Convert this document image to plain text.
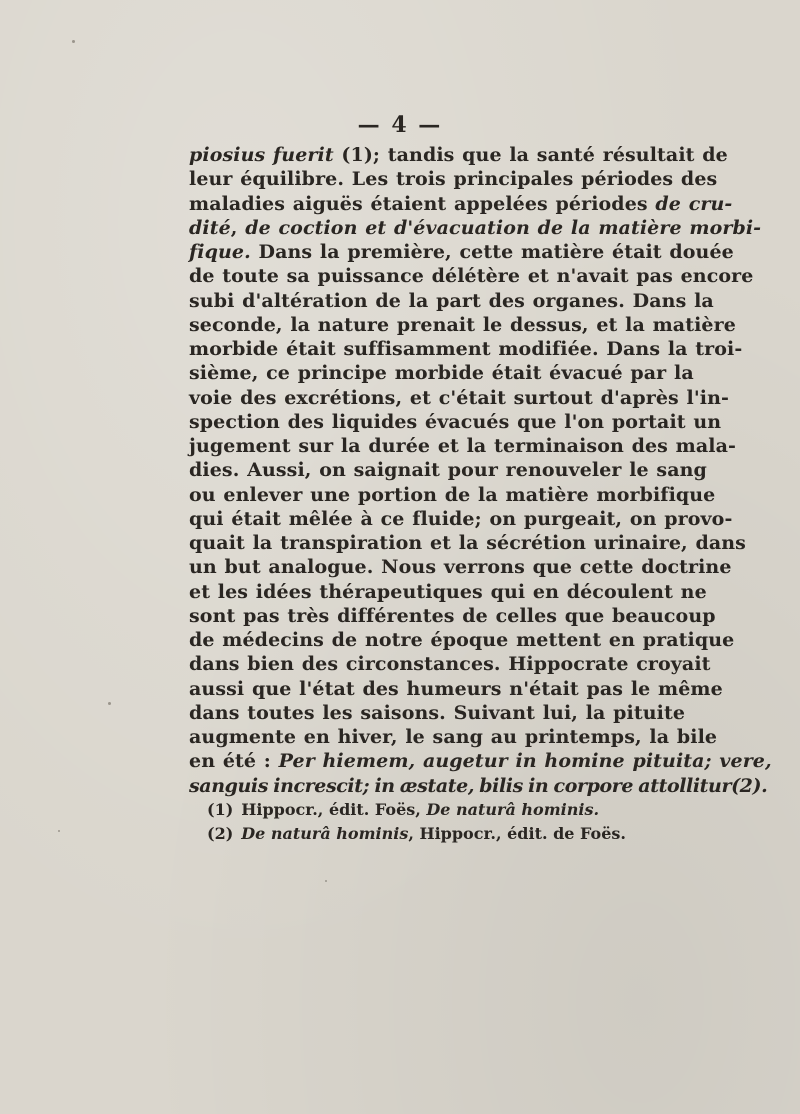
— 4 —
piosius fuerit (1); tandis que la santé résultait de
leur équilibre. Les trois principales périodes des
maladies aiguës étaient appelées périodes de cru-
dité, de coction et d'évacuation de la matière morbi-
fique. Dans la première, cette matière était douée
de toute sa puissance délétère et n'avait pas encore
subi d'altération de la part des organes. Dans la
seconde, la nature prenait le dessus, et la matière
morbide était suffisamment modifiée. Dans la troi-
sième, ce principe morbide était évacué par la
voie des excrétions, et c'était surtout d'après l'in-
spection des liquides évacués que l'on portait un
jugement sur la durée et la terminaison des mala-
dies. Aussi, on saignait pour renouveler le sang
ou enlever une portion de la matière morbifique
qui était mêlée à ce fluide; on purgeait, on provo-
quait la transpiration et la sécrétion urinaire, dans
un but analogue. Nous verrons que cette doctrine
et les idées thérapeutiques qui en découlent ne
sont pas très différentes de celles que beaucoup
de médecins de notre époque mettent en pratique
dans bien des circonstances. Hippocrate croyait
aussi que l'état des humeurs n'était pas le même
dans toutes les saisons. Suivant lui, la pituite
augmente en hiver, le sang au printemps, la bile
en été : Per hiemem, augetur in homine pituita; vere,
sanguis increscit; in æstate, bilis in corpore attollitur(2).
(1) Hippocr., édit. Foës, De naturâ hominis.
(2) De naturâ hominis, Hippocr., édit. de Foës.
